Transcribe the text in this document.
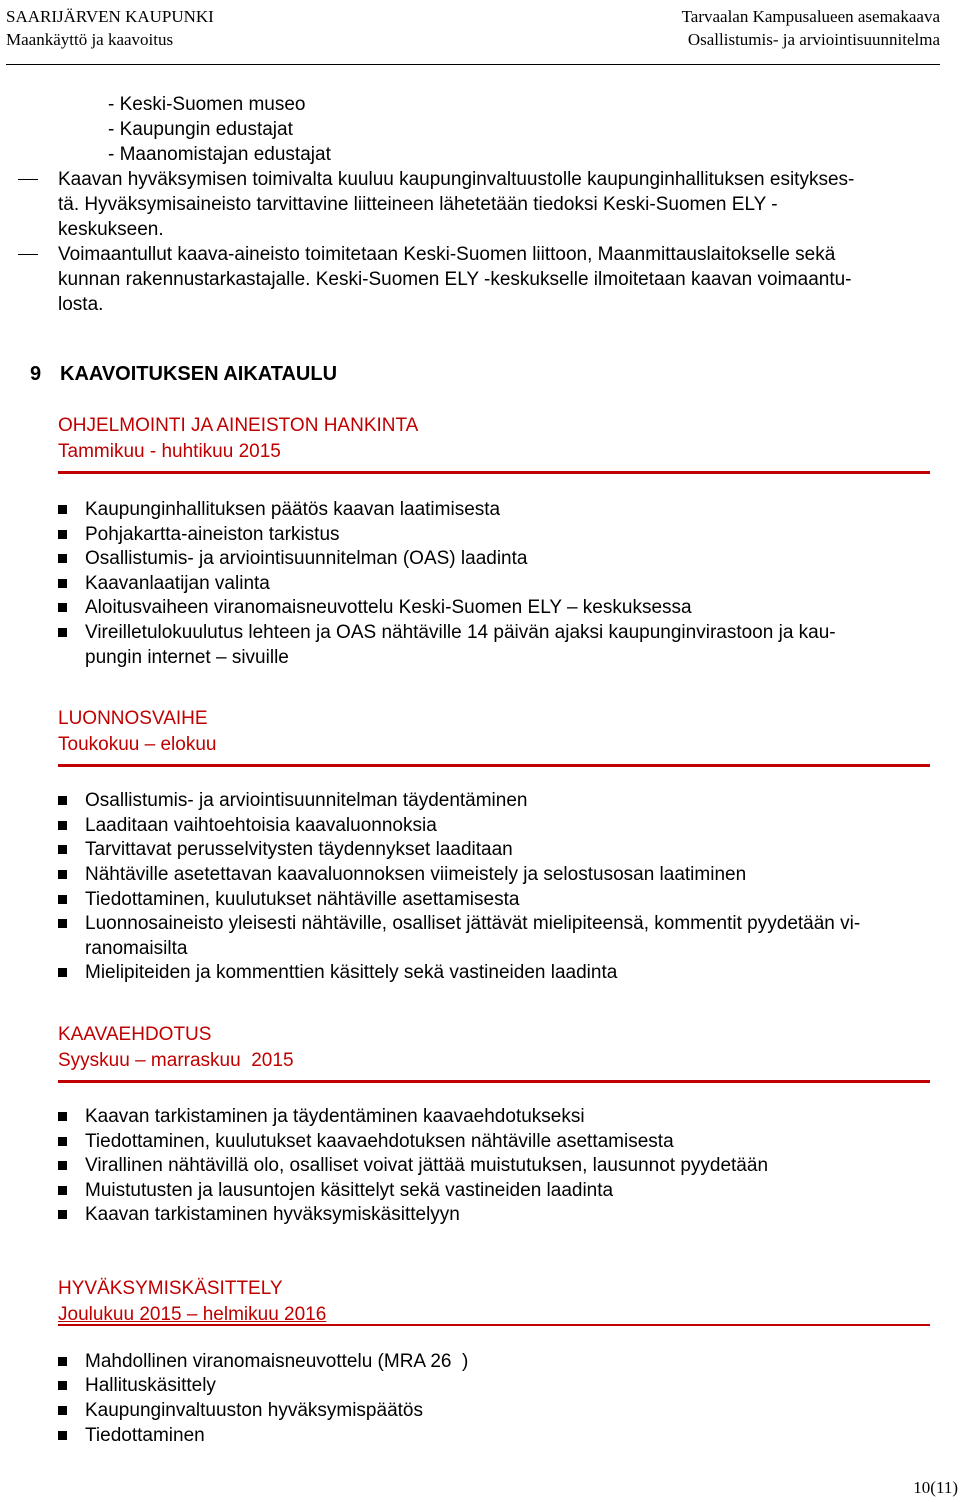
SAARIJÄRVEN KAUPUNKI
Maankäyttö ja kaavoitus
Tarvaalan Kampusalueen asemakaava
Osallistumis- ja arviointisuunnitelma
- Keski-Suomen museo
- Kaupungin edustajat
- Maanomistajan edustajat
Kaavan hyväksymisen toimivalta kuuluu kaupunginvaltuustolle kaupunginhallituksen esitykses-
tä. Hyväksymisaineisto tarvittavine liitteineen lähetetään tiedoksi Keski-Suomen ELY -
keskukseen.
Voimaantullut kaava-aineisto toimitetaan Keski-Suomen liittoon, Maanmittauslaitokselle sekä
kunnan rakennustarkastajalle. Keski-Suomen ELY -keskukselle ilmoitetaan kaavan voimaantu-
losta.
9 KAAVOITUKSEN AIKATAULU
OHJELMOINTI JA AINEISTON HANKINTA
Tammikuu - huhtikuu 2015
Kaupunginhallituksen päätös kaavan laatimisesta
Pohjakartta-aineiston tarkistus
Osallistumis- ja arviointisuunnitelman (OAS) laadinta
Kaavanlaatijan valinta
Aloitusvaiheen viranomaisneuvottelu Keski-Suomen ELY – keskuksessa
Vireilletulokuulutus lehteen ja OAS nähtäville 14 päivän ajaksi kaupunginvirastoon ja kau-
pungin internet – sivuille
LUONNOSVAIHE
Toukokuu – elokuu
Osallistumis- ja arviointisuunnitelman täydentäminen
Laaditaan vaihtoehtoisia kaavaluonnoksia
Tarvittavat perusselvitysten täydennykset laaditaan
Nähtäville asetettavan kaavaluonnoksen viimeistely ja selostusosan laatiminen
Tiedottaminen, kuulutukset nähtäville asettamisesta
Luonnosaineisto yleisesti nähtäville, osalliset jättävät mielipiteensä, kommentit pyydetään vi-
ranomaisilta
Mielipiteiden ja kommenttien käsittely sekä vastineiden laadinta
KAAVAEHDOTUS
Syyskuu – marraskuu  2015
Kaavan tarkistaminen ja täydentäminen kaavaehdotukseksi
Tiedottaminen, kuulutukset kaavaehdotuksen nähtäville asettamisesta
Virallinen nähtävillä olo, osalliset voivat jättää muistutuksen, lausunnot pyydetään
Muistutusten ja lausuntojen käsittelyt sekä vastineiden laadinta
Kaavan tarkistaminen hyväksymiskäsittelyyn
HYVÄKSYMISKÄSITTELY
Joulukuu 2015 – helmikuu 2016
Mahdollinen viranomaisneuvottelu (MRA 26  )
Hallituskäsittely
Kaupunginvaltuuston hyväksymispäätös
Tiedottaminen
10(11)
